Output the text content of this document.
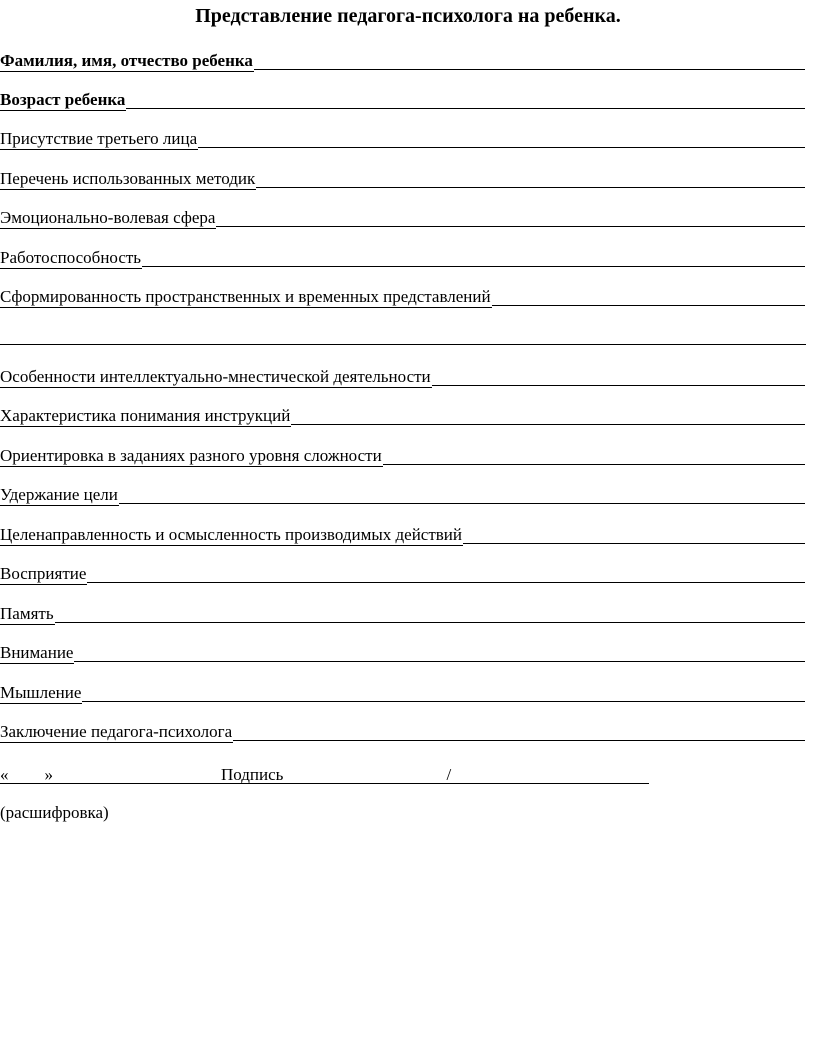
Представление педагога-психолога на ребенка.
Фамилия, имя, отчество ребенка
Возраст ребенка
Присутствие третьего лица
Перечень использованных методик
Эмоционально-волевая сфера
Работоспособность
Сформированность пространственных и временных представлений
Особенности интеллектуально-мнестической деятельности
Характеристика понимания инструкций
Ориентировка в заданиях разного уровня сложности
Удержание цели
Целенаправленность и осмысленность производимых действий
Восприятие
Память
Внимание
Мышление
Заключение педагога-психолога
« »	Подпись	/
(расшифровка)
